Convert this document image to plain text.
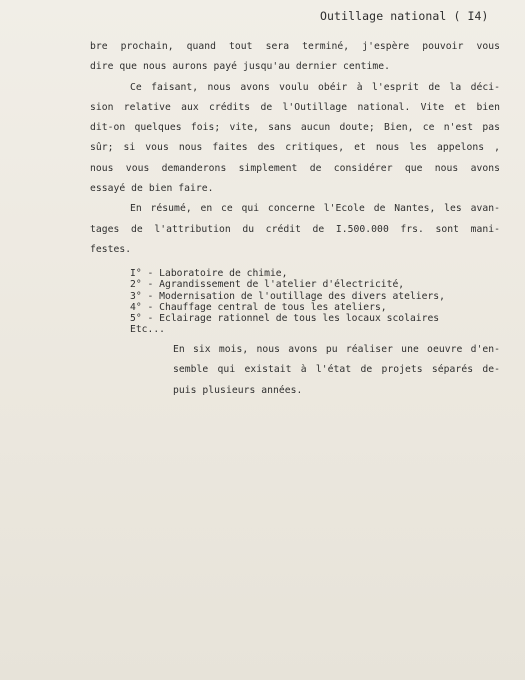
Outillage national ( I4)
bre prochain, quand tout sera terminé, j'espère pouvoir vous
dire que nous aurons payé jusqu'au dernier centime.
Ce faisant, nous avons voulu obéir à l'esprit de la déci-
sion relative aux crédits de l'Outillage national. Vite et bien
dit-on quelques fois; vite, sans aucun doute; Bien, ce n'est pas
sûr; si vous nous faites des critiques, et nous les appelons ,
nous vous demanderons simplement de considérer que nous avons
essayé de bien faire.
En résumé, en ce qui concerne l'Ecole de Nantes, les avan-
tages de l'attribution du crédit de I.500.000 frs. sont mani-
festes.
I° - Laboratoire de chimie,
2° - Agrandissement de l'atelier d'électricité,
3° - Modernisation de l'outillage des divers ateliers,
4° - Chauffage central de tous les ateliers,
5° - Eclairage rationnel de tous les locaux scolaires
Etc...
En six mois, nous avons pu réaliser une oeuvre d'en-
semble qui existait à l'état de projets séparés de-
puis plusieurs années.
